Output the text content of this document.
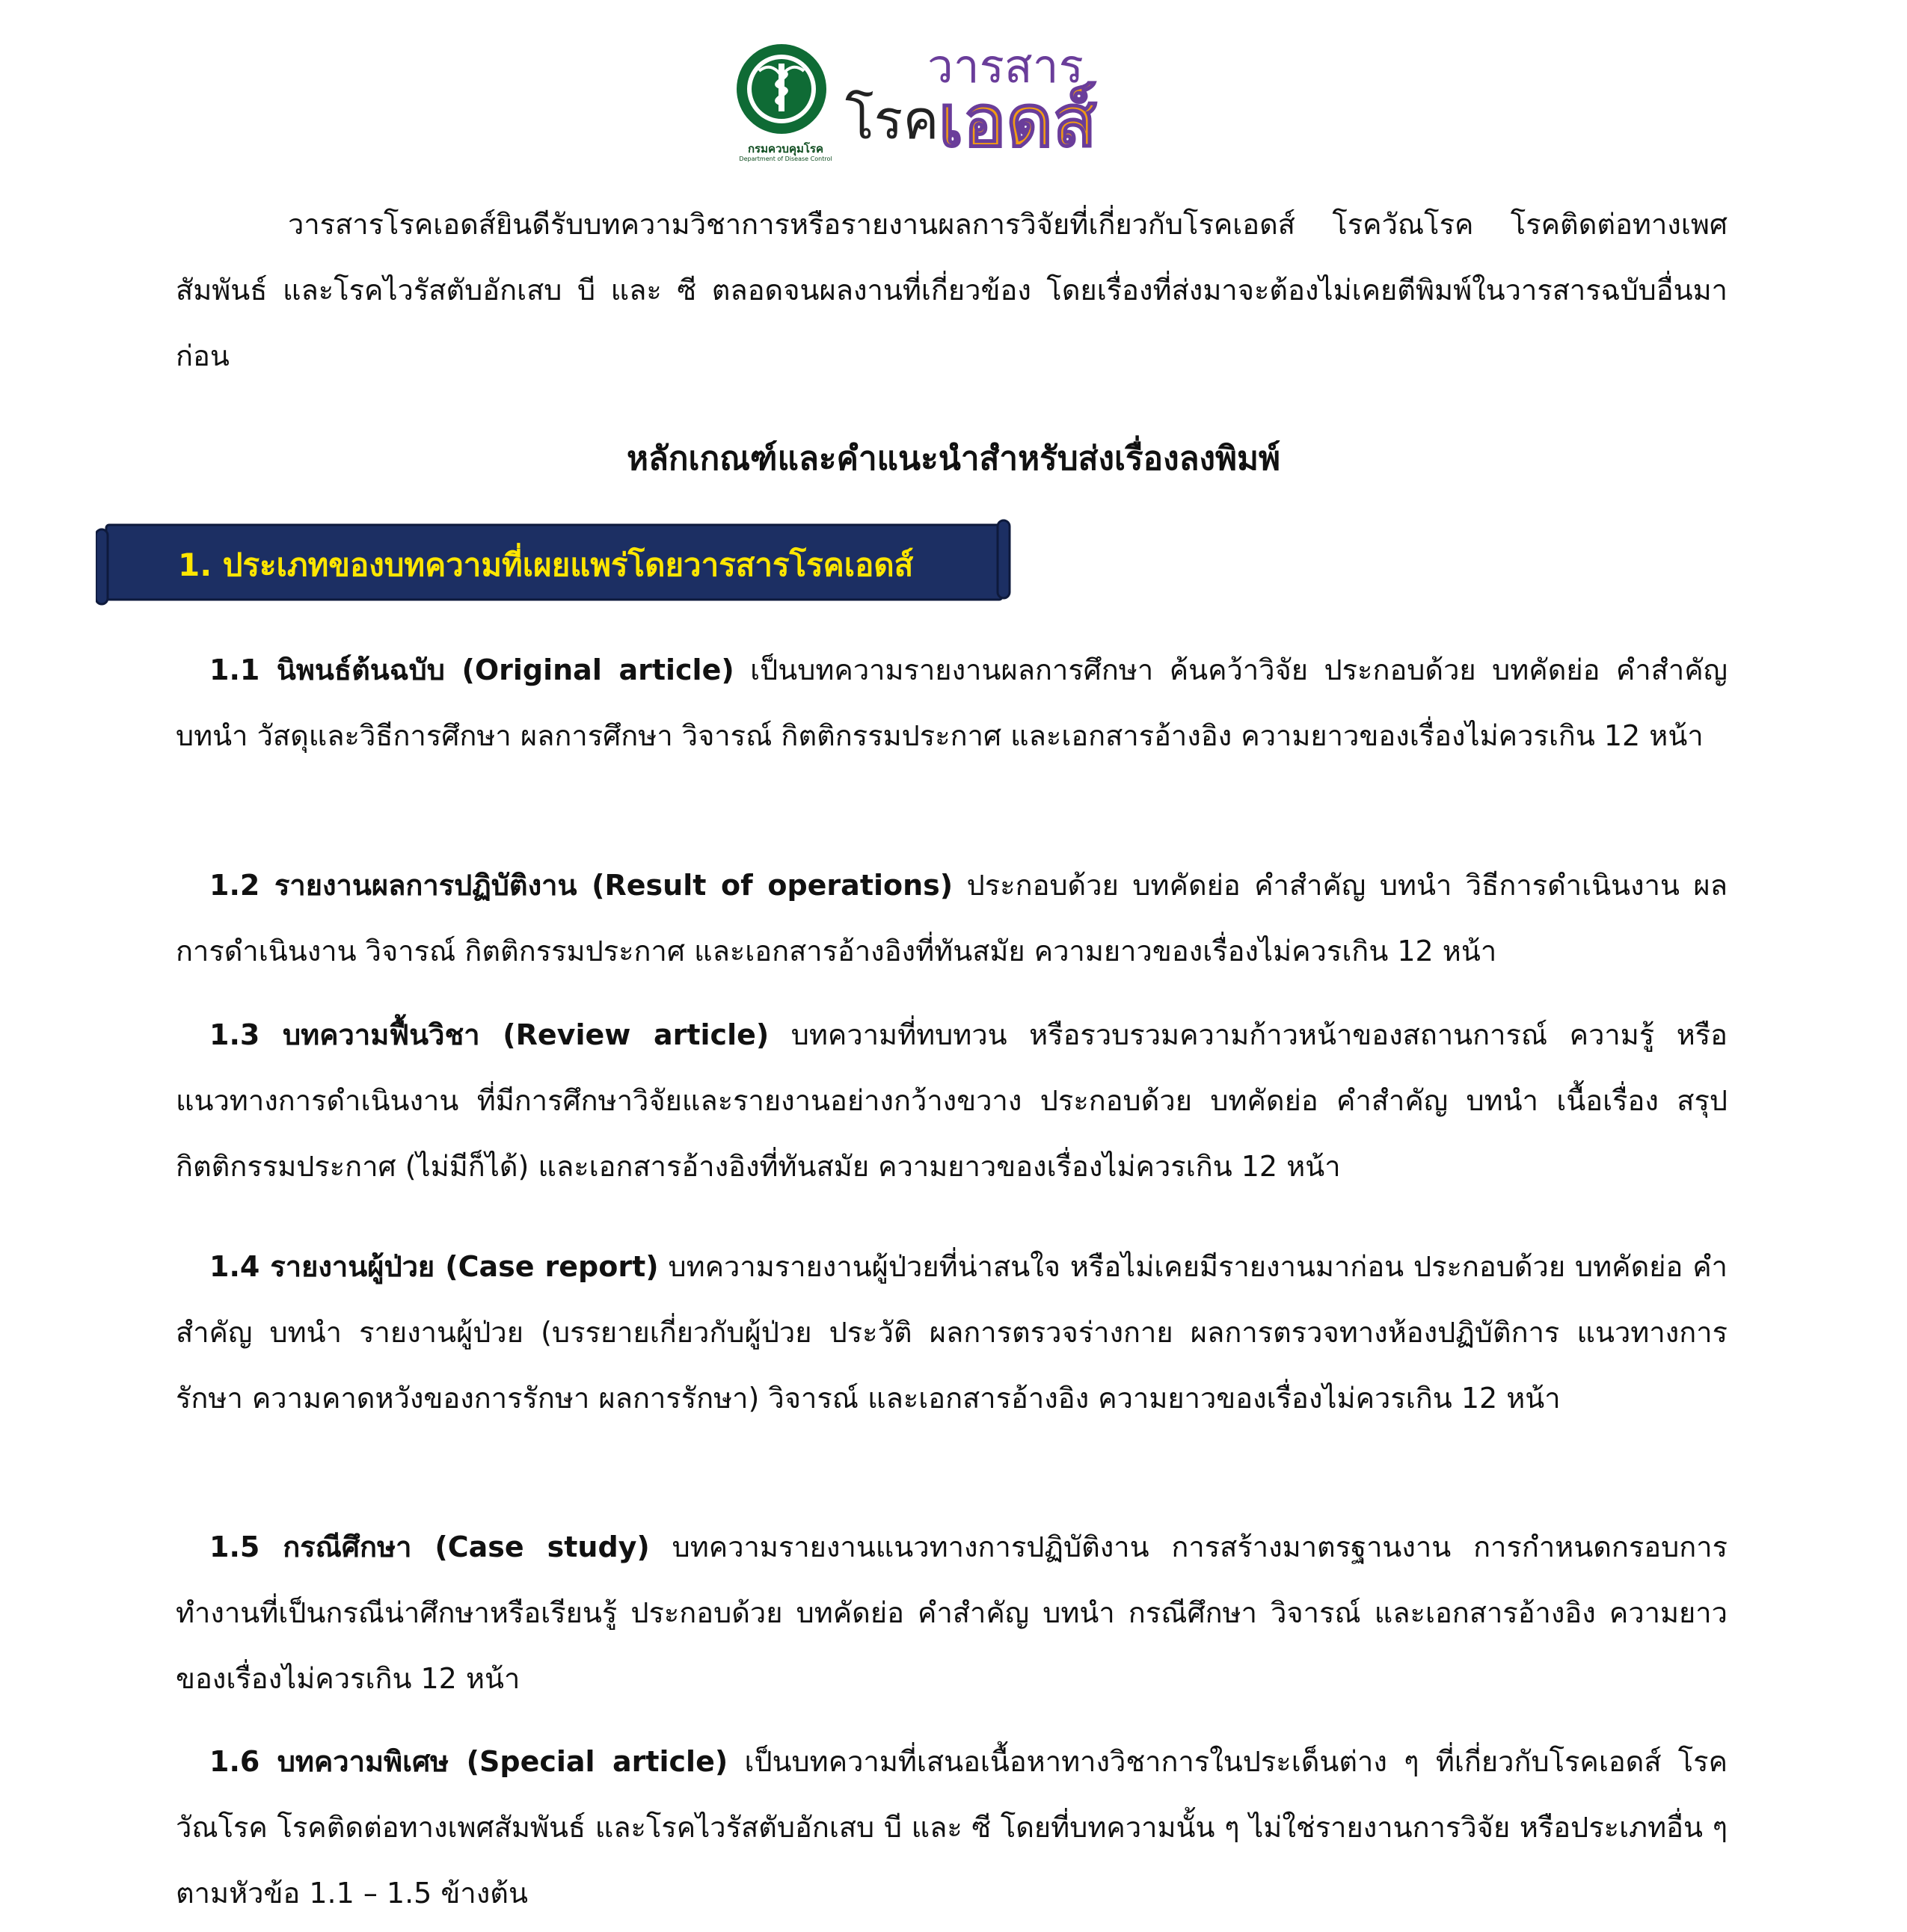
กรมควบคุมโรค
Department of Disease Control
วารสาร
โรค เอดส์

วารสารโรคเอดส์ยินดีรับบทความวิชาการหรือรายงานผลการวิจัยที่เกี่ยวกับโรคเอดส์ โรควัณโรค โรคติดต่อทางเพศสัมพันธ์ และโรคไวรัสตับอักเสบ บี และ ซี ตลอดจนผลงานที่เกี่ยวข้อง โดยเรื่องที่ส่งมาจะต้องไม่เคยตีพิมพ์ในวารสารฉบับอื่นมาก่อน

หลักเกณฑ์และคำแนะนำสำหรับส่งเรื่องลงพิมพ์
1. ประเภทของบทความที่เผยแพร่โดยวารสารโรคเอดส์

1.1 นิพนธ์ต้นฉบับ (Original article) เป็นบทความรายงานผลการศึกษา ค้นคว้าวิจัย ประกอบด้วย บทคัดย่อ คำสำคัญ บทนำ วัสดุและวิธีการศึกษา ผลการศึกษา วิจารณ์ กิตติกรรมประกาศ และเอกสารอ้างอิง ความยาวของเรื่องไม่ควรเกิน 12 หน้า

1.2 รายงานผลการปฏิบัติงาน (Result of operations) ประกอบด้วย บทคัดย่อ คำสำคัญ บทนำ วิธีการดำเนินงาน ผลการดำเนินงาน วิจารณ์ กิตติกรรมประกาศ และเอกสารอ้างอิงที่ทันสมัย ความยาวของเรื่องไม่ควรเกิน 12 หน้า

1.3 บทความฟื้นวิชา (Review article) บทความที่ทบทวน หรือรวบรวมความก้าวหน้าของสถานการณ์ ความรู้ หรือแนวทางการดำเนินงาน ที่มีการศึกษาวิจัยและรายงานอย่างกว้างขวาง ประกอบด้วย บทคัดย่อ คำสำคัญ บทนำ เนื้อเรื่อง สรุป กิตติกรรมประกาศ (ไม่มีก็ได้) และเอกสารอ้างอิงที่ทันสมัย ความยาวของเรื่องไม่ควรเกิน 12 หน้า

1.4 รายงานผู้ป่วย (Case report) บทความรายงานผู้ป่วยที่น่าสนใจ หรือไม่เคยมีรายงานมาก่อน ประกอบด้วย บทคัดย่อ คำสำคัญ บทนำ รายงานผู้ป่วย (บรรยายเกี่ยวกับผู้ป่วย ประวัติ ผลการตรวจร่างกาย ผลการตรวจทางห้องปฏิบัติการ แนวทางการรักษา ความคาดหวังของการรักษา ผลการรักษา) วิจารณ์ และเอกสารอ้างอิง ความยาวของเรื่องไม่ควรเกิน 12 หน้า

1.5 กรณีศึกษา (Case study) บทความรายงานแนวทางการปฏิบัติงาน การสร้างมาตรฐานงาน การกำหนดกรอบการทำงานที่เป็นกรณีน่าศึกษาหรือเรียนรู้ ประกอบด้วย บทคัดย่อ คำสำคัญ บทนำ กรณีศึกษา วิจารณ์ และเอกสารอ้างอิง ความยาวของเรื่องไม่ควรเกิน 12 หน้า

1.6 บทความพิเศษ (Special article) เป็นบทความที่เสนอเนื้อหาทางวิชาการในประเด็นต่าง ๆ ที่เกี่ยวกับโรคเอดส์ โรควัณโรค โรคติดต่อทางเพศสัมพันธ์ และโรคไวรัสตับอักเสบ บี และ ซี โดยที่บทความนั้น ๆ ไม่ใช่รายงานการวิจัย หรือประเภทอื่น ๆ ตามหัวข้อ 1.1 – 1.5 ข้างต้น
